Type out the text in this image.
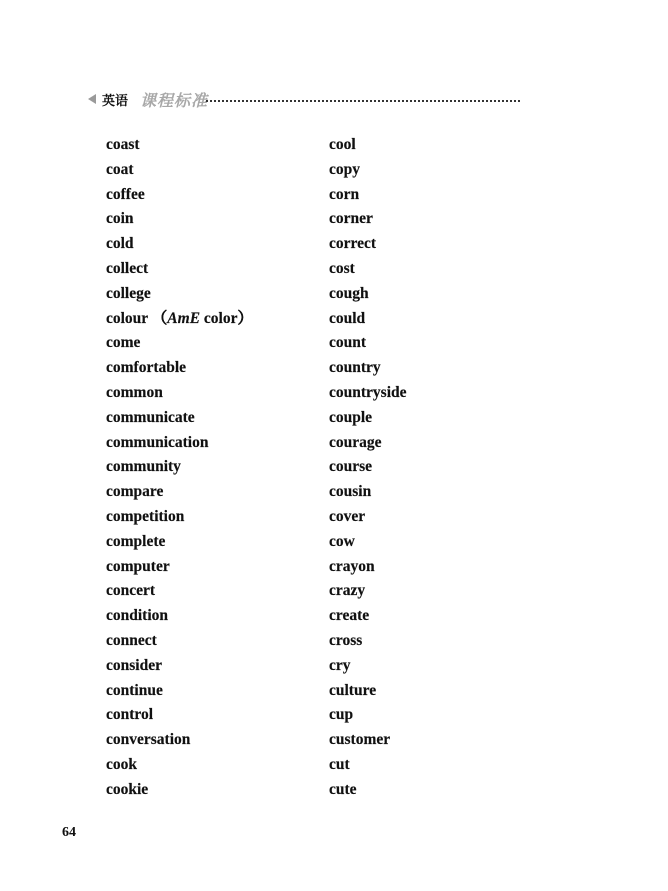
英语 课程标准
coast
coat
coffee
coin
cold
collect
college
colour （AmE color）
come
comfortable
common
communicate
communication
community
compare
competition
complete
computer
concert
condition
connect
consider
continue
control
conversation
cook
cookie
cool
copy
corn
corner
correct
cost
cough
could
count
country
countryside
couple
courage
course
cousin
cover
cow
crayon
crazy
create
cross
cry
culture
cup
customer
cut
cute
64
